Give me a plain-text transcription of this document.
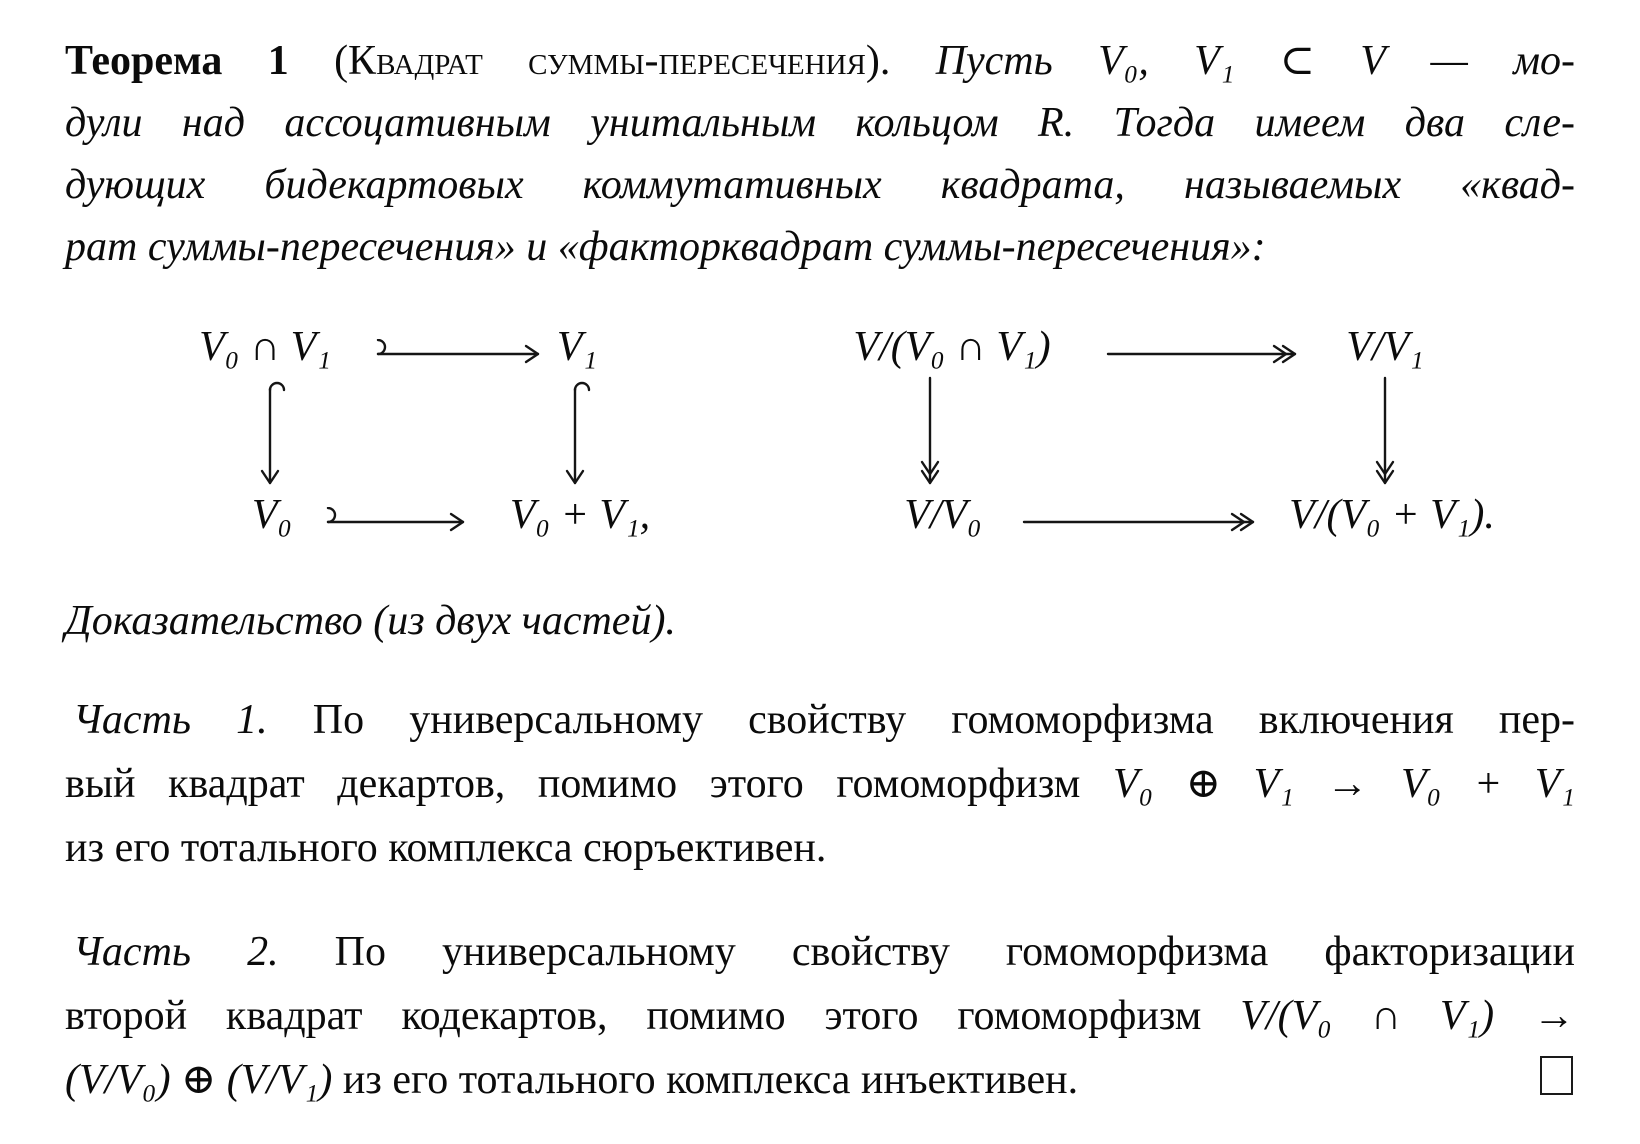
Теорема 1 (Квадрат суммы-пересечения). Пусть V₀, V₁ ⊂ V — мо-
дули над ассоцативным унитальным кольцом R. Тогда имеем два сле-
дующих бидекартовых коммутативных квадрата, называемых «квад-
рат суммы-пересечения» и «факторквадрат суммы-пересечения»:
V₀ ∩ V₁	V₁
V₀	V₀ + V₁,
V/(V₀ ∩ V₁)	V/V₁
V/V₀	V/(V₀ + V₁).
Доказательство (из двух частей).
Часть 1. По универсальному свойству гомоморфизма включения пер-
вый квадрат декартов, помимо этого гомоморфизм V₀ ⊕ V₁ → V₀ + V₁
из его тотального комплекса сюръективен.
Часть 2. По универсальному свойству гомоморфизма факторизации
второй квадрат кодекартов, помимо этого гомоморфизм V/(V₀ ∩ V₁) →
(V/V₀) ⊕ (V/V₁) из его тотального комплекса инъективен.
